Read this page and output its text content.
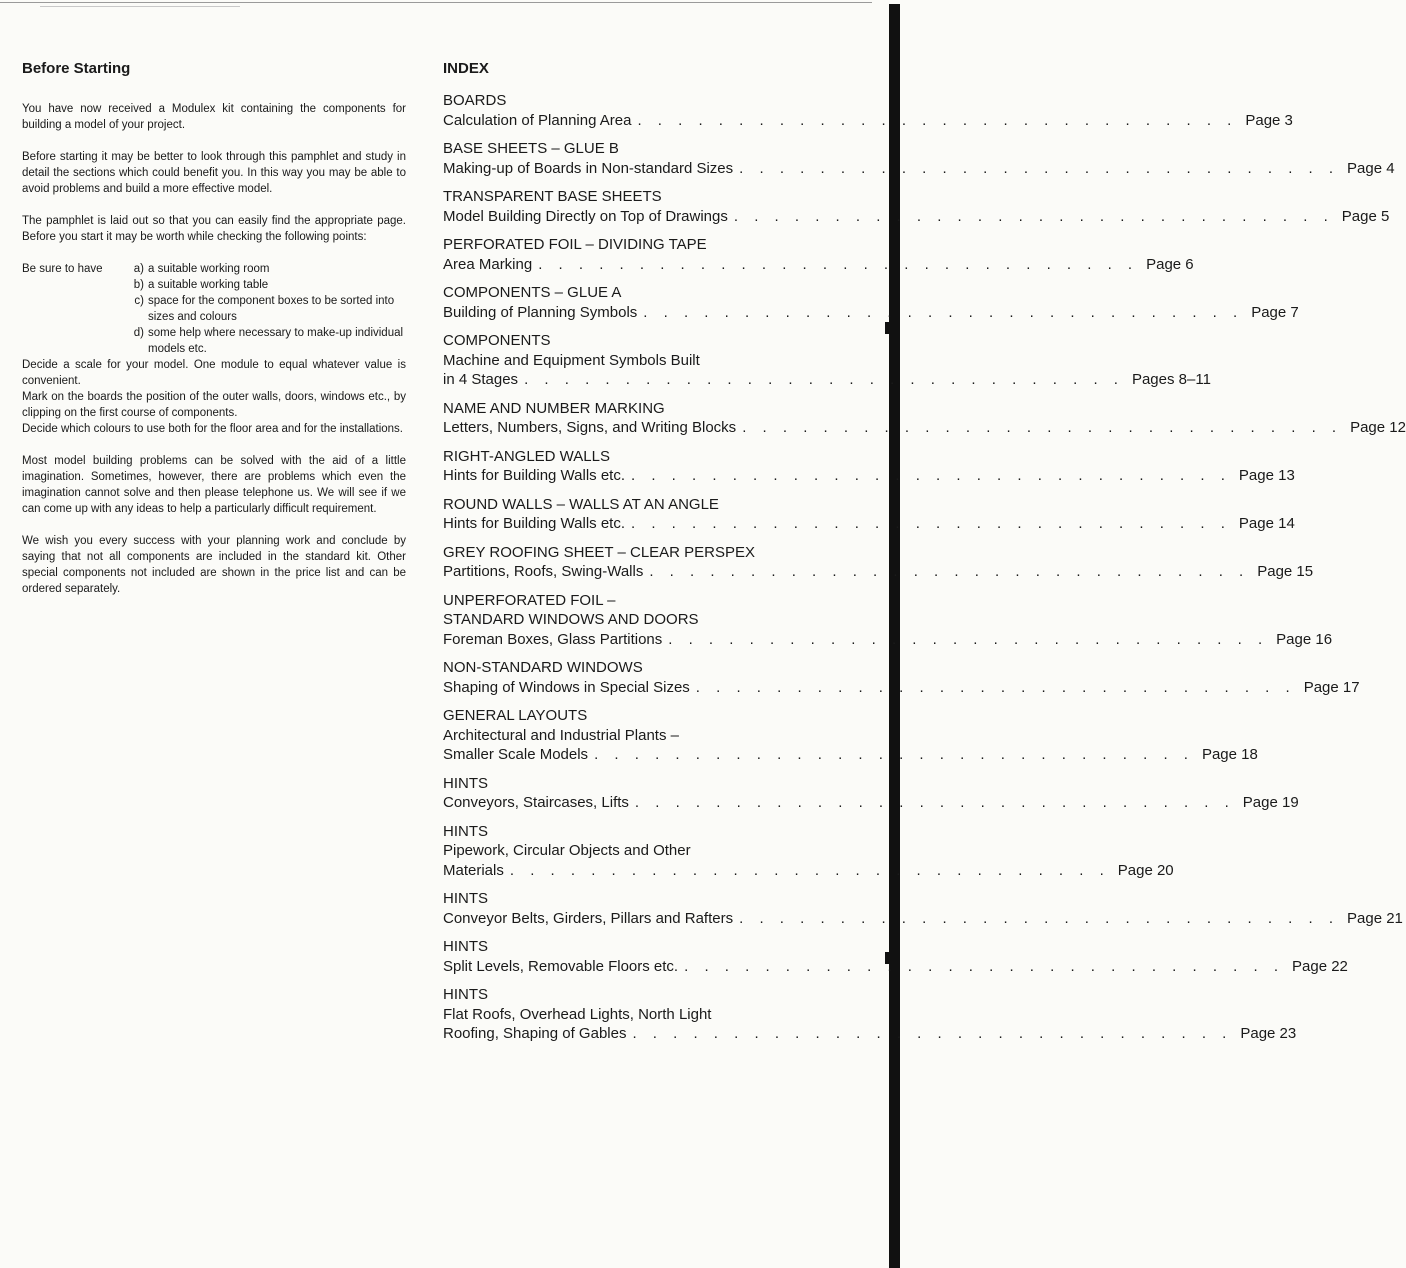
Before Starting

You have now received a Modulex kit containing the components for building a model of your project.

Before starting it may be better to look through this pamphlet and study in detail the sections which could benefit you. In this way you may be able to avoid problems and build a more effective model.

The pamphlet is laid out so that you can easily find the appropriate page. Before you start it may be worth while checking the following points:

Be sure to have	a) a suitable working room
b) a suitable working table
c) space for the component boxes to be sorted into sizes and colours
d) some help where necessary to make-up individual models etc.
Decide a scale for your model. One module to equal whatever value is convenient.
Mark on the boards the position of the outer walls, doors, windows etc., by clipping on the first course of components.
Decide which colours to use both for the floor area and for the installations.

Most model building problems can be solved with the aid of a little imagination. Sometimes, however, there are problems which even the imagination cannot solve and then please telephone us. We will see if we can come up with any ideas to help a particularly difficult requirement.

We wish you every success with your planning work and conclude by saying that not all components are included in the standard kit. Other special components not included are shown in the price list and can be ordered separately.

INDEX
BOARDS
Calculation of Planning Area . . . . . . . . . . . . . . . . . . . . . . . . . . . . . . Page 3
BASE SHEETS – GLUE B
Making-up of Boards in Non-standard Sizes . . . . . . . . . . . . . . . . . . . . . . . . . . . . . . Page 4
TRANSPARENT BASE SHEETS
Model Building Directly on Top of Drawings . . . . . . . . . . . . . . . . . . . . . . . . . . . . . . Page 5
PERFORATED FOIL – DIVIDING TAPE
Area Marking . . . . . . . . . . . . . . . . . . . . . . . . . . . . . . Page 6
COMPONENTS – GLUE A
Building of Planning Symbols . . . . . . . . . . . . . . . . . . . . . . . . . . . . . . Page 7
COMPONENTS
Machine and Equipment Symbols Built
in 4 Stages . . . . . . . . . . . . . . . . . . . . . . . . . . . . . . Pages 8–11
NAME AND NUMBER MARKING
Letters, Numbers, Signs, and Writing Blocks . . . . . . . . . . . . . . . . . . . . . . . . . . . . . . Page 12
RIGHT-ANGLED WALLS
Hints for Building Walls etc. . . . . . . . . . . . . . . . . . . . . . . . . . . . . . . Page 13
ROUND WALLS – WALLS AT AN ANGLE
Hints for Building Walls etc. . . . . . . . . . . . . . . . . . . . . . . . . . . . . . . Page 14
GREY ROOFING SHEET – CLEAR PERSPEX
Partitions, Roofs, Swing-Walls . . . . . . . . . . . . . . . . . . . . . . . . . . . . . . Page 15
UNPERFORATED FOIL –
STANDARD WINDOWS AND DOORS
Foreman Boxes, Glass Partitions . . . . . . . . . . . . . . . . . . . . . . . . . . . . . . Page 16
NON-STANDARD WINDOWS
Shaping of Windows in Special Sizes . . . . . . . . . . . . . . . . . . . . . . . . . . . . . . Page 17
GENERAL LAYOUTS
Architectural and Industrial Plants –
Smaller Scale Models . . . . . . . . . . . . . . . . . . . . . . . . . . . . . . Page 18
HINTS
Conveyors, Staircases, Lifts . . . . . . . . . . . . . . . . . . . . . . . . . . . . . . Page 19
HINTS
Pipework, Circular Objects and Other
Materials . . . . . . . . . . . . . . . . . . . . . . . . . . . . . . Page 20
HINTS
Conveyor Belts, Girders, Pillars and Rafters . . . . . . . . . . . . . . . . . . . . . . . . . . . . . . Page 21
HINTS
Split Levels, Removable Floors etc. . . . . . . . . . . . . . . . . . . . . . . . . . . . . . . Page 22
HINTS
Flat Roofs, Overhead Lights, North Light
Roofing, Shaping of Gables . . . . . . . . . . . . . . . . . . . . . . . . . . . . . . Page 23
